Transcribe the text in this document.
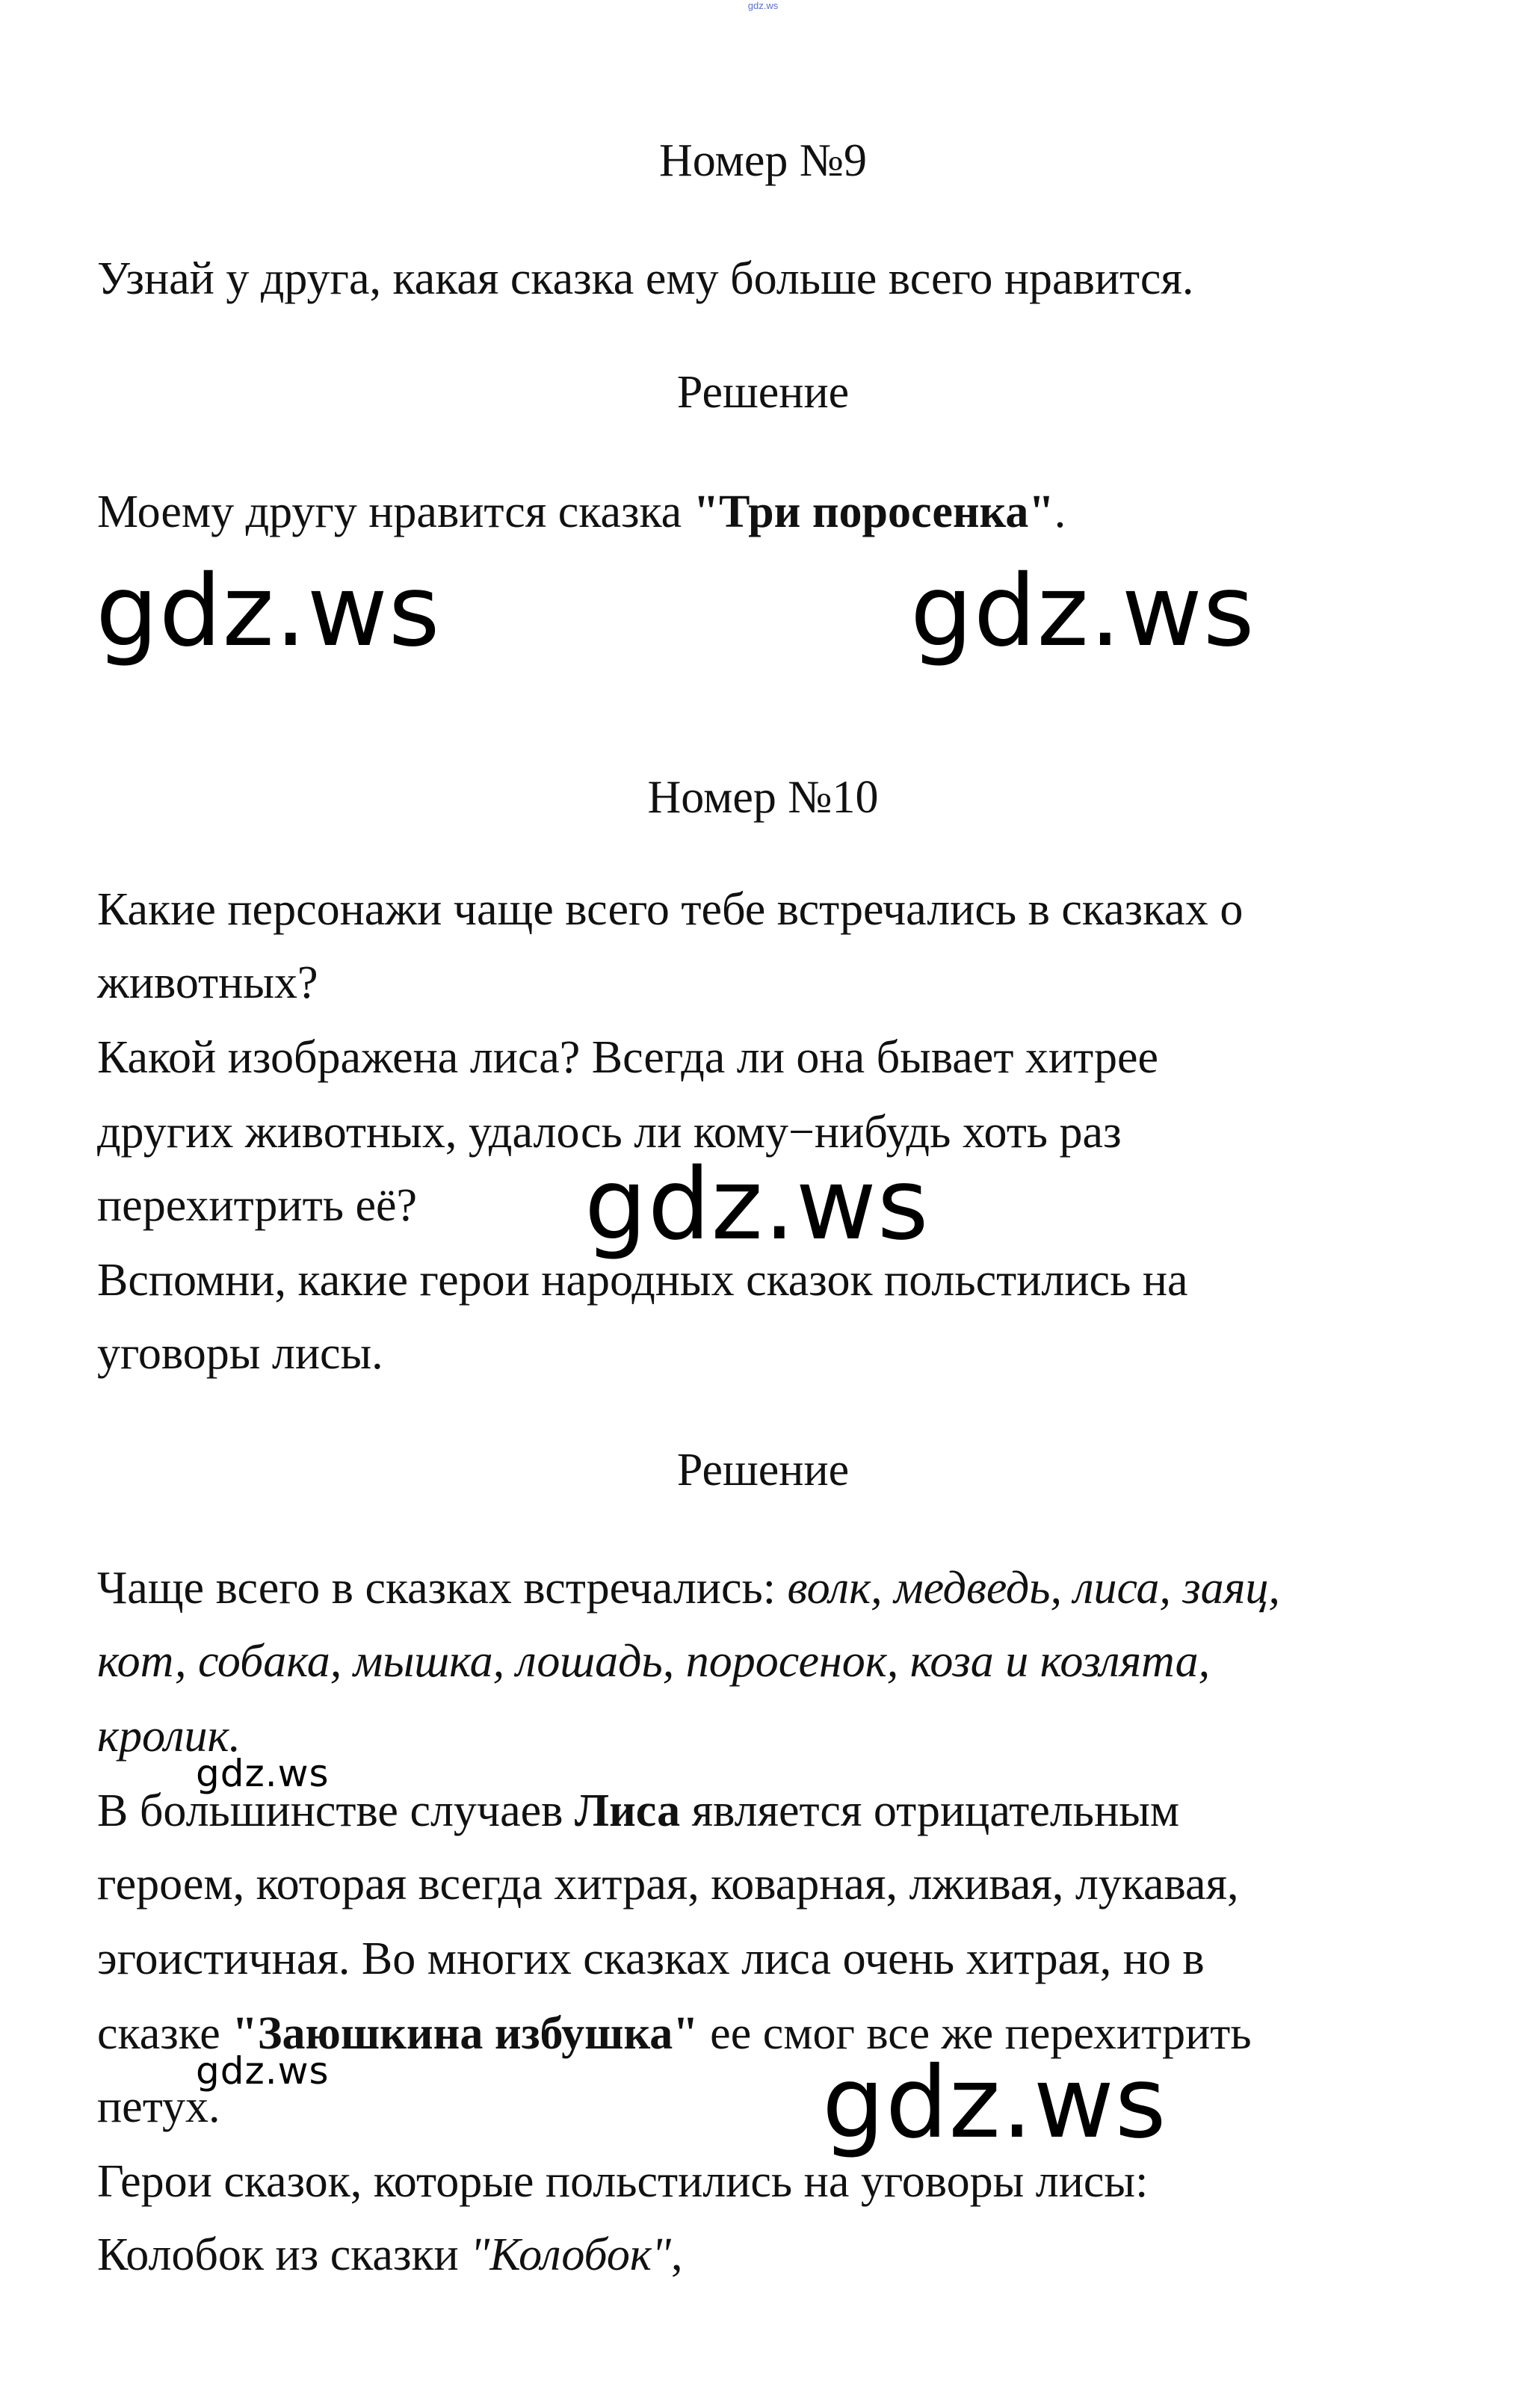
gdz.ws
Номер №9
Узнай у друга, какая сказка ему больше всего нравится.
Решение
Моему другу нравится сказка "Три поросенка".
gdz.ws	gdz.ws
Номер №10
Какие персонажи чаще всего тебе встречались в сказках о
животных?
Какой изображена лиса? Всегда ли она бывает хитрее
других животных, удалось ли кому−нибудь хоть раз
перехитрить её?
Вспомни, какие герои народных сказок польстились на
уговоры лисы.
gdz.ws
Решение
Чаще всего в сказках встречались: волк, медведь, лиса, заяц,
кот, собака, мышка, лошадь, поросенок, коза и козлята,
кролик.
gdz.ws
В большинстве случаев Лиса является отрицательным
героем, которая всегда хитрая, коварная, лживая, лукавая,
эгоистичная. Во многих сказках лиса очень хитрая, но в
сказке "Заюшкина избушка" ее смог все же перехитрить
gdz.ws
петух.	gdz.ws
Герои сказок, которые польстились на уговоры лисы:
Колобок из сказки "Колобок",
